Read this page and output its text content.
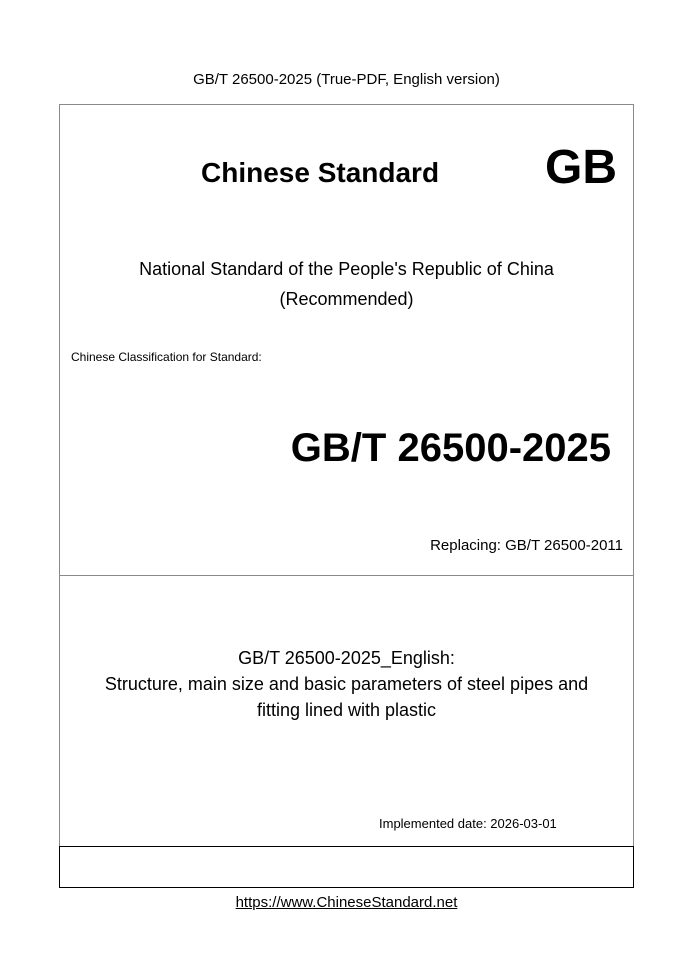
GB/T 26500-2025 (True-PDF, English version)
Chinese Standard GB
National Standard of the People's Republic of China
(Recommended)
Chinese Classification for Standard:
GB/T 26500-2025
Replacing: GB/T 26500-2011
GB/T 26500-2025_English:
Structure, main size and basic parameters of steel pipes and
fitting lined with plastic
Implemented date: 2026-03-01
https://www.ChineseStandard.net
